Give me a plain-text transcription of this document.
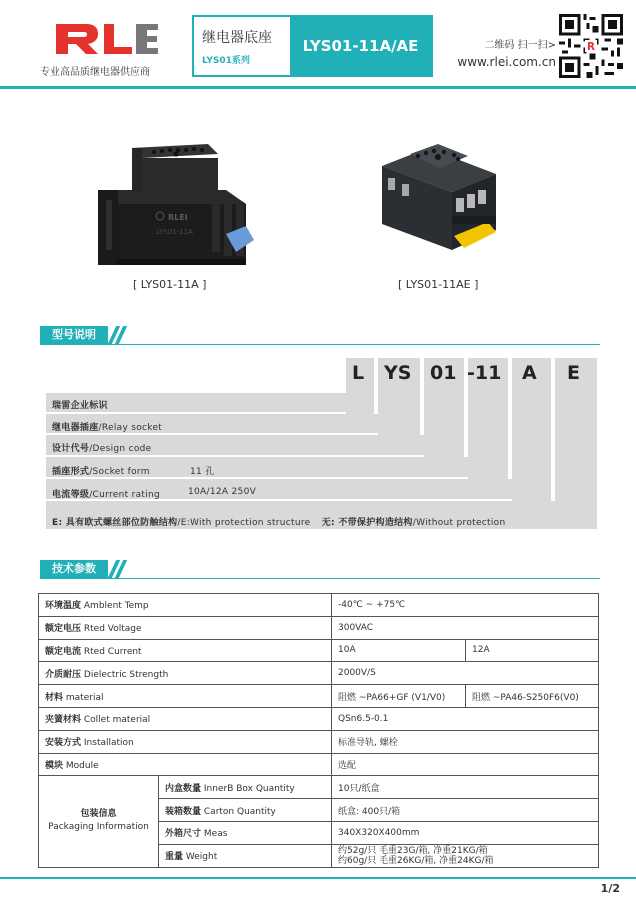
专业高品质继电器供应商
继电器底座
LYS01系列
LYS01-11A/AE	二维码 扫一扫>
www.rlei.com.cn
R
RLEI
LYS01-11A
[ LYS01-11A ]	[ LYS01-11AE ]
型号说明
L YS 01 -11 A E
瑞雷企业标识
继电器插座/Relay socket
设计代号/Design code
插座形式/Socket form	11 孔
电流等级/Current rating	10A/12A 250V
E: 具有欧式螺丝部位防触结构/E:With protection structure 无: 不带保护构造结构/Without protection
技术参数
环境温度 Amblent Temp		-40℃ ~ +75℃	
额定电压 Rted Voltage		300VAC	
额定电流 Rted Current		10A	12A
介质耐压 Dielectric Strength		2000V/S	
材料 material		阻燃 ~PA66+GF (V1/V0)	阻燃 ~PA46-S250F6(V0)
夹簧材料 Collet material		QSn6.5-0.1	
安装方式 Installation		标准导轨, 螺栓	
模块 Module		选配	
包装信息
Packaging Information	内盒数量 InnerB Box Quantity	10只/纸盒	
	装箱数量 Carton Quantity	纸盒: 400只/箱	
	外箱尺寸 Meas	340X320X400mm	
	重量 Weight	约52g/只 毛重23G/箱, 净重21KG/箱
约60g/只 毛重26KG/箱, 净重24KG/箱	
1/2
